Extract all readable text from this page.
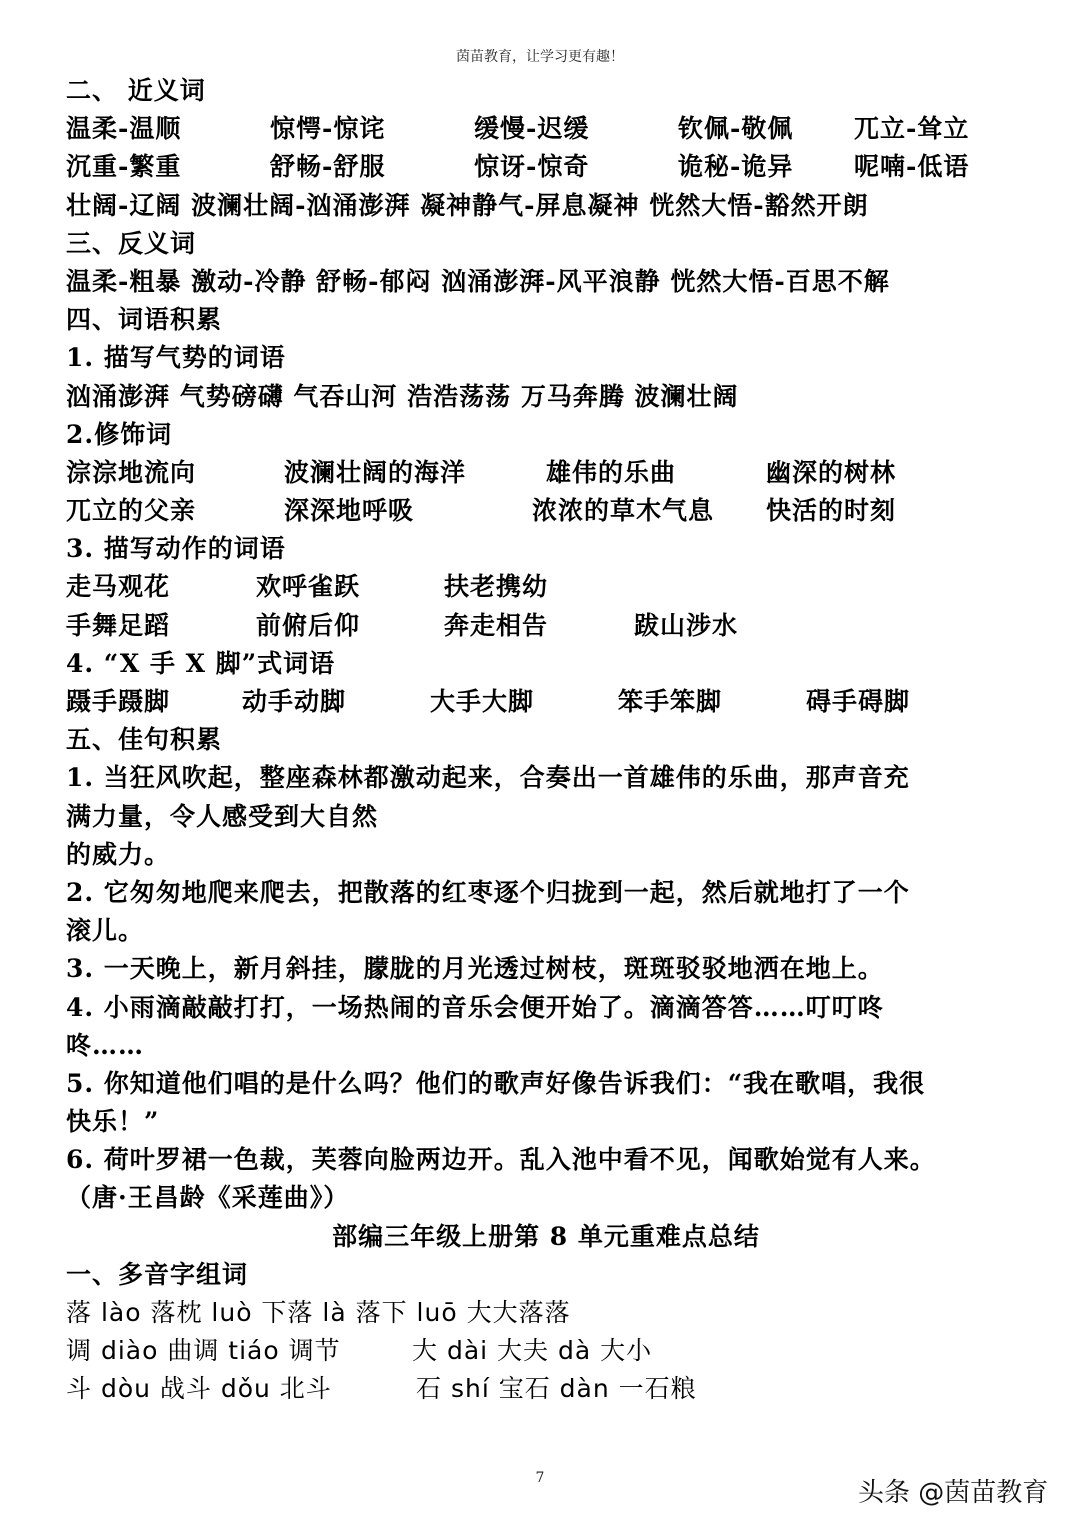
茵苗教育，让学习更有趣！
二、 近义词
温柔-温顺	惊愕-惊诧	缓慢-迟缓	钦佩-敬佩 兀立-耸立
沉重-繁重	舒畅-舒服	惊讶-惊奇	诡秘-诡异 呢喃-低语
壮阔-辽阔 波澜壮阔-汹涌澎湃 凝神静气-屏息凝神 恍然大悟-豁然开朗
三、反义词
温柔-粗暴 激动-冷静 舒畅-郁闷 汹涌澎湃-风平浪静 恍然大悟-百思不解
四、词语积累
1. 描写气势的词语
汹涌澎湃 气势磅礴 气吞山河 浩浩荡荡 万马奔腾 波澜壮阔
2.修饰词
淙淙地流向	波澜壮阔的海洋	雄伟的乐曲	幽深的树林
兀立的父亲	深深地呼吸	浓浓的草木气息 快活的时刻
3. 描写动作的词语
走马观花	欢呼雀跃	扶老携幼
手舞足蹈	前俯后仰	奔走相告	跋山涉水
4. “X 手 X 脚”式词语
蹑手蹑脚	动手动脚	大手大脚	笨手笨脚	碍手碍脚
五、佳句积累
1. 当狂风吹起，整座森林都激动起来，合奏出一首雄伟的乐曲，那声音充
满力量，令人感受到大自然
的威力。
2. 它匆匆地爬来爬去，把散落的红枣逐个归拢到一起，然后就地打了一个
滚儿。
3. 一天晚上，新月斜挂，朦胧的月光透过树枝，斑斑驳驳地洒在地上。
4. 小雨滴敲敲打打，一场热闹的音乐会便开始了。滴滴答答……叮叮咚
咚……
5. 你知道他们唱的是什么吗？他们的歌声好像告诉我们：“我在歌唱，我很
快乐！”
6. 荷叶罗裙一色裁，芙蓉向脸两边开。乱入池中看不见，闻歌始觉有人来。
（唐·王昌龄《采莲曲》）
部编三年级上册第 8 单元重难点总结
一、多音字组词
落 lào 落枕 luò 下落 là 落下 luō 大大落落
调 diào 曲调 tiáo 调节	大 dài 大夫 dà 大小
斗 dòu 战斗 dǒu 北斗	石 shí 宝石 dàn 一石粮
7	头条 @茵苗教育
